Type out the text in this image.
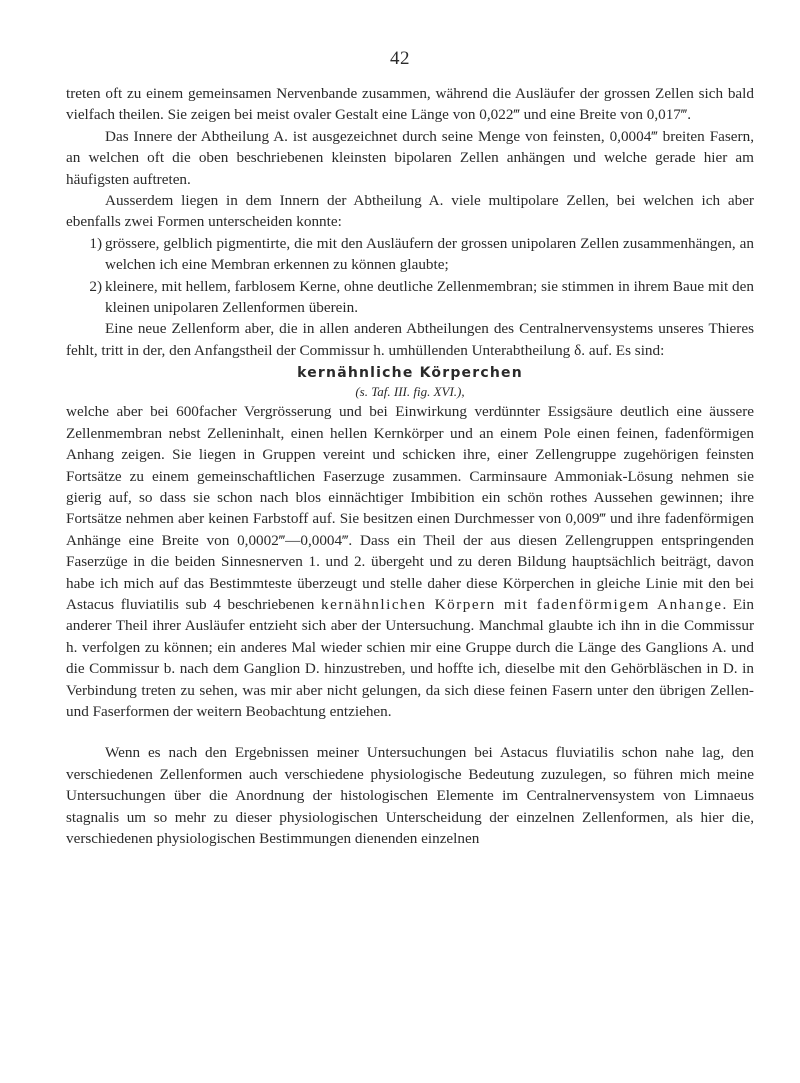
42

treten oft zu einem gemeinsamen Nervenbande zusammen, während die Ausläufer der grossen Zellen sich bald vielfach theilen. Sie zeigen bei meist ovaler Gestalt eine Länge von 0,022‴ und eine Breite von 0,017‴.

Das Innere der Abtheilung A. ist ausgezeichnet durch seine Menge von feinsten, 0,0004‴ breiten Fasern, an welchen oft die oben beschriebenen kleinsten bipolaren Zellen anhängen und welche gerade hier am häufigsten auftreten.

Ausserdem liegen in dem Innern der Abtheilung A. viele multipolare Zellen, bei welchen ich aber ebenfalls zwei Formen unterscheiden konnte:

1) grössere, gelblich pigmentirte, die mit den Ausläufern der grossen unipolaren Zellen zusammenhängen, an welchen ich eine Membran erkennen zu können glaubte;
2) kleinere, mit hellem, farblosem Kerne, ohne deutliche Zellenmembran; sie stimmen in ihrem Baue mit den kleinen unipolaren Zellenformen überein.

Eine neue Zellenform aber, die in allen anderen Abtheilungen des Centralnervensystems unseres Thieres fehlt, tritt in der, den Anfangstheil der Commissur h. umhüllenden Unterabtheilung δ. auf. Es sind:

kernähnliche Körperchen
(s. Taf. III. fig. XVI.),

welche aber bei 600facher Vergrösserung und bei Einwirkung verdünnter Essigsäure deutlich eine äussere Zellenmembran nebst Zelleninhalt, einen hellen Kernkörper und an einem Pole einen feinen, fadenförmigen Anhang zeigen. Sie liegen in Gruppen vereint und schicken ihre, einer Zellengruppe zugehörigen feinsten Fortsätze zu einem gemeinschaftlichen Faserzuge zusammen. Carminsaure Ammoniak-Lösung nehmen sie gierig auf, so dass sie schon nach blos einnächtiger Imbibition ein schön rothes Aussehen gewinnen; ihre Fortsätze nehmen aber keinen Farbstoff auf. Sie besitzen einen Durchmesser von 0,009‴ und ihre fadenförmigen Anhänge eine Breite von 0,0002‴—0,0004‴. Dass ein Theil der aus diesen Zellengruppen entspringenden Faserzüge in die beiden Sinnesnerven 1. und 2. übergeht und zu deren Bildung hauptsächlich beiträgt, davon habe ich mich auf das Bestimmteste überzeugt und stelle daher diese Körperchen in gleiche Linie mit den bei Astacus fluviatilis sub 4 beschriebenen kernähnlichen Körpern mit fadenförmigem Anhange. Ein anderer Theil ihrer Ausläufer entzieht sich aber der Untersuchung. Manchmal glaubte ich ihn in die Commissur h. verfolgen zu können; ein anderes Mal wieder schien mir eine Gruppe durch die Länge des Ganglions A. und die Commissur b. nach dem Ganglion D. hinzustreben, und hoffte ich, dieselbe mit den Gehörbläschen in D. in Verbindung treten zu sehen, was mir aber nicht gelungen, da sich diese feinen Fasern unter den übrigen Zellen- und Faserformen der weitern Beobachtung entziehen.

Wenn es nach den Ergebnissen meiner Untersuchungen bei Astacus fluviatilis schon nahe lag, den verschiedenen Zellenformen auch verschiedene physiologische Bedeutung zuzulegen, so führen mich meine Untersuchungen über die Anordnung der histologischen Elemente im Centralnervensystem von Limnaeus stagnalis um so mehr zu dieser physiologischen Unterscheidung der einzelnen Zellenformen, als hier die, verschiedenen physiologischen Bestimmungen dienenden einzelnen
